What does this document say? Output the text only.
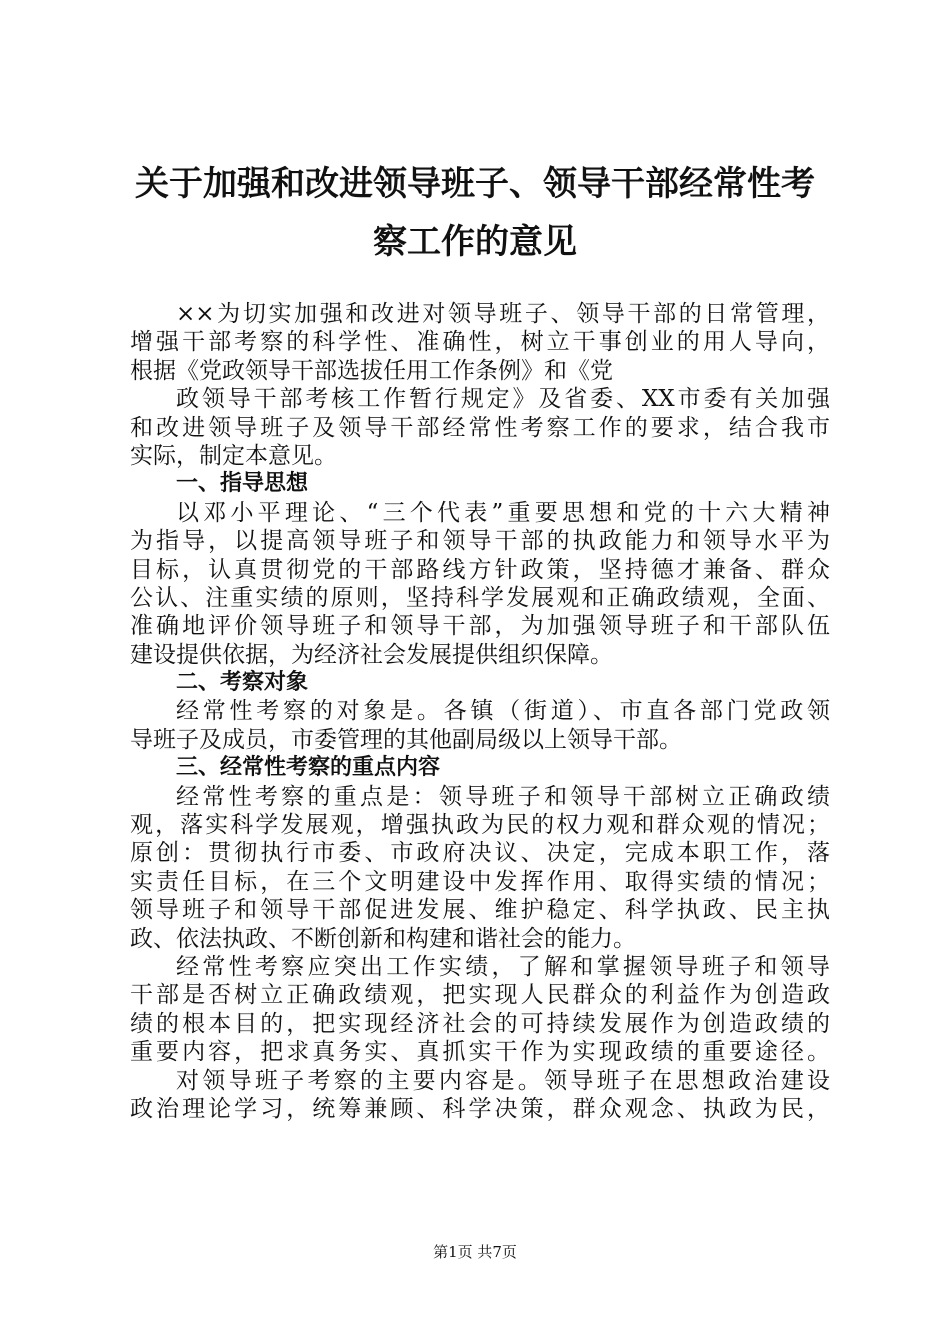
关于加强和改进领导班子、领导干部经常性考
察工作的意见
××为切实加强和改进对领导班子、领导干部的日常管理，
增强干部考察的科学性、准确性，树立干事创业的用人导向，
根据《党政领导干部选拔任用工作条例》和《党
政领导干部考核工作暂行规定》及省委、XX市委有关加强
和改进领导班子及领导干部经常性考察工作的要求，结合我市
实际，制定本意见。
一、指导思想
以邓小平理论、“三个代表”重要思想和党的十六大精神
为指导，以提高领导班子和领导干部的执政能力和领导水平为
目标，认真贯彻党的干部路线方针政策，坚持德才兼备、群众
公认、注重实绩的原则，坚持科学发展观和正确政绩观，全面、
准确地评价领导班子和领导干部，为加强领导班子和干部队伍
建设提供依据，为经济社会发展提供组织保障。
二、考察对象
经常性考察的对象是。各镇（街道）、市直各部门党政领
导班子及成员，市委管理的其他副局级以上领导干部。
三、经常性考察的重点内容
经常性考察的重点是：领导班子和领导干部树立正确政绩
观，落实科学发展观，增强执政为民的权力观和群众观的情况；
原创：贯彻执行市委、市政府决议、决定，完成本职工作，落
实责任目标，在三个文明建设中发挥作用、取得实绩的情况；
领导班子和领导干部促进发展、维护稳定、科学执政、民主执
政、依法执政、不断创新和构建和谐社会的能力。
经常性考察应突出工作实绩，了解和掌握领导班子和领导
干部是否树立正确政绩观，把实现人民群众的利益作为创造政
绩的根本目的，把实现经济社会的可持续发展作为创造政绩的
重要内容，把求真务实、真抓实干作为实现政绩的重要途径。
对领导班子考察的主要内容是。领导班子在思想政治建设
政治理论学习，统筹兼顾、科学决策，群众观念、执政为民，
第1页 共7页
